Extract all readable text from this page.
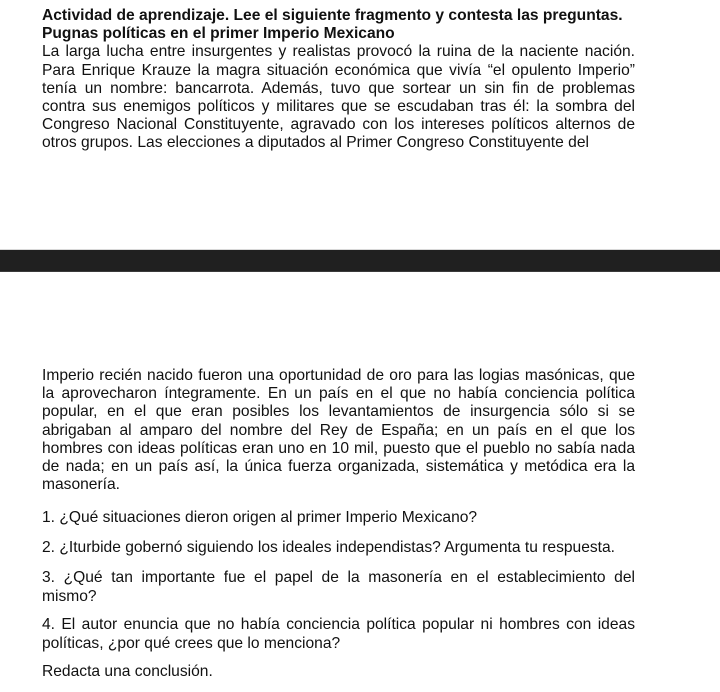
Actividad de aprendizaje. Lee el siguiente fragmento y contesta las preguntas.
Pugnas políticas en el primer Imperio Mexicano
La larga lucha entre insurgentes y realistas provocó la ruina de la naciente nación. Para Enrique Krauze la magra situación económica que vivía “el opulento Imperio” tenía un nombre: bancarrota. Además, tuvo que sortear un sin fin de problemas contra sus enemigos políticos y militares que se escudaban tras él: la sombra del Congreso Nacional Constituyente, agravado con los intereses políticos alternos de otros grupos. Las elecciones a diputados al Primer Congreso Constituyente del
Imperio recién nacido fueron una oportunidad de oro para las logias masónicas, que la aprovecharon íntegramente. En un país en el que no había conciencia política popular, en el que eran posibles los levantamientos de insurgencia sólo si se abrigaban al amparo del nombre del Rey de España; en un país en el que los hombres con ideas políticas eran uno en 10 mil, puesto que el pueblo no sabía nada de nada; en un país así, la única fuerza organizada, sistemática y metódica era la masonería.
1. ¿Qué situaciones dieron origen al primer Imperio Mexicano?
2. ¿Iturbide gobernó siguiendo los ideales independistas? Argumenta tu respuesta.
3. ¿Qué tan importante fue el papel de la masonería en el establecimiento del mismo?
4. El autor enuncia que no había conciencia política popular ni hombres con ideas políticas, ¿por qué crees que lo menciona?
Redacta una conclusión.
